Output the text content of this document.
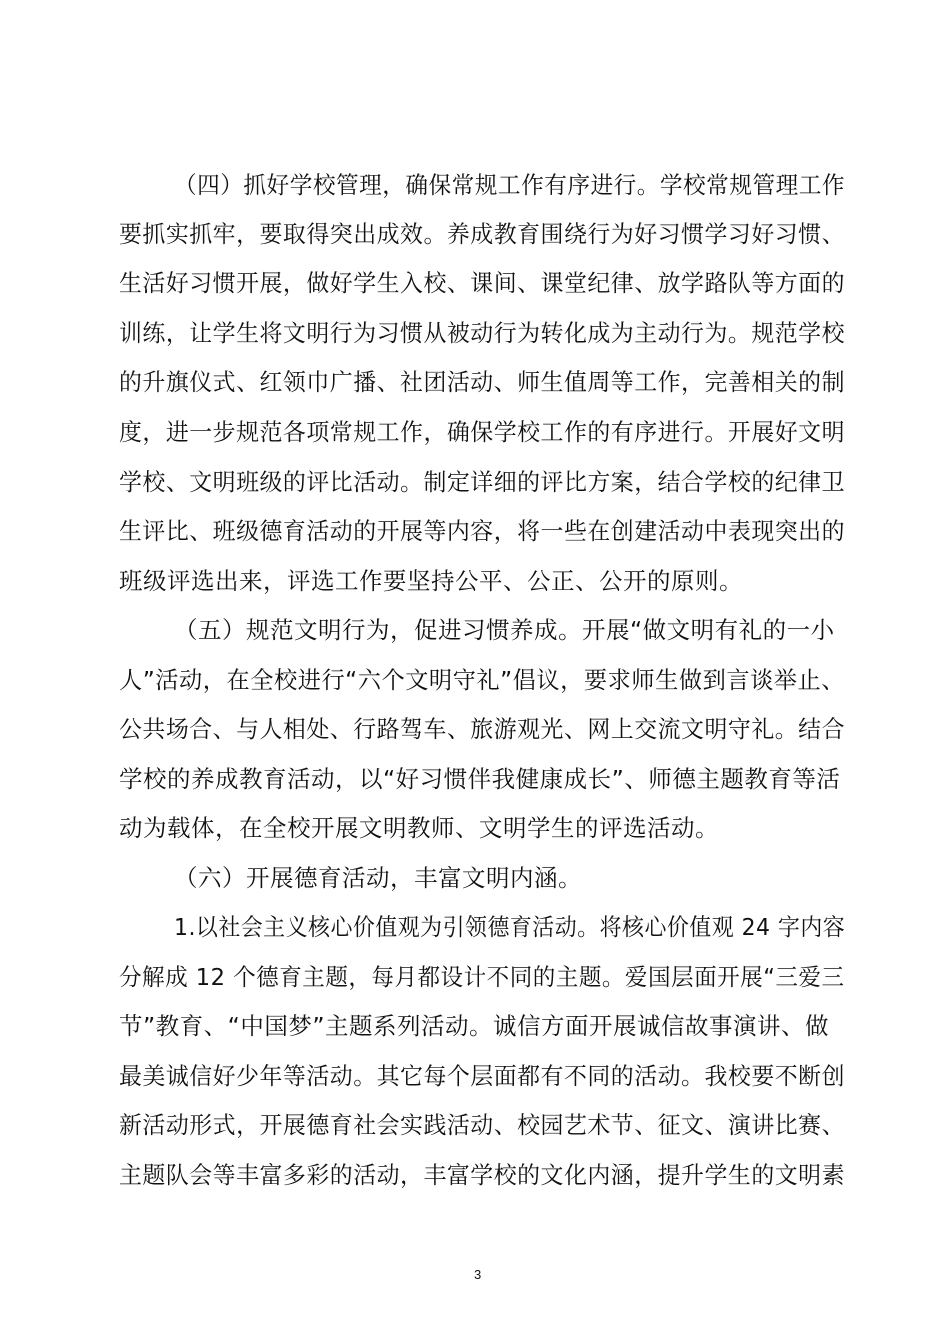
（四）抓好学校管理，确保常规工作有序进行。学校常规管理工作
要抓实抓牢，要取得突出成效。养成教育围绕行为好习惯学习好习惯、
生活好习惯开展，做好学生入校、课间、课堂纪律、放学路队等方面的
训练，让学生将文明行为习惯从被动行为转化成为主动行为。规范学校
的升旗仪式、红领巾广播、社团活动、师生值周等工作，完善相关的制
度，进一步规范各项常规工作，确保学校工作的有序进行。开展好文明
学校、文明班级的评比活动。制定详细的评比方案，结合学校的纪律卫
生评比、班级德育活动的开展等内容，将一些在创建活动中表现突出的
班级评选出来，评选工作要坚持公平、公正、公开的原则。
（五）规范文明行为，促进习惯养成。开展“做文明有礼的一小
人”活动，在全校进行“六个文明守礼”倡议，要求师生做到言谈举止、
公共场合、与人相处、行路驾车、旅游观光、网上交流文明守礼。结合
学校的养成教育活动，以“好习惯伴我健康成长”、师德主题教育等活
动为载体，在全校开展文明教师、文明学生的评选活动。
（六）开展德育活动，丰富文明内涵。
1.以社会主义核心价值观为引领德育活动。将核心价值观 24 字内容
分解成 12 个德育主题，每月都设计不同的主题。爱国层面开展“三爱三
节”教育、“中国梦”主题系列活动。诚信方面开展诚信故事演讲、做
最美诚信好少年等活动。其它每个层面都有不同的活动。我校要不断创
新活动形式，开展德育社会实践活动、校园艺术节、征文、演讲比赛、
主题队会等丰富多彩的活动，丰富学校的文化内涵，提升学生的文明素
3
